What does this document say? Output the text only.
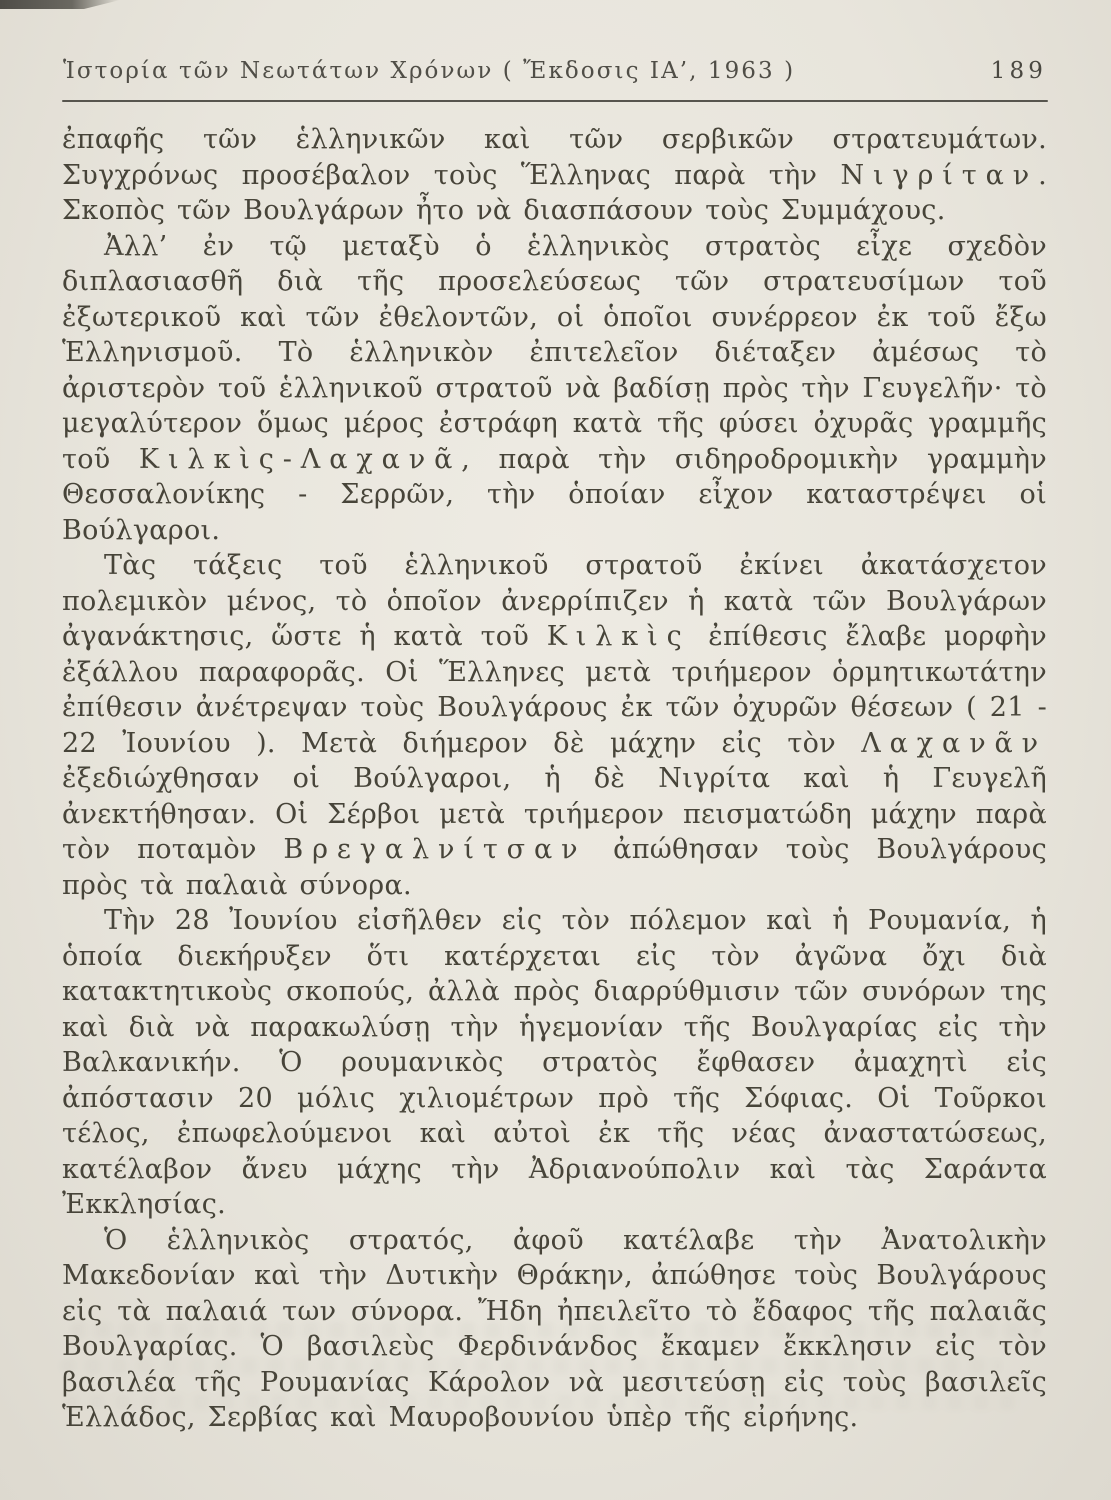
Ἱστορία τῶν Νεωτάτων Χρόνων ( Ἔκδοσις ΙΑ’, 1963 )	189

ἐπαφῆς τῶν ἑλληνικῶν καὶ τῶν σερβικῶν στρατευμάτων. Συγχρόνως προσέβαλον τοὺς Ἕλληνας παρὰ τὴν Νιγρίταν. Σκοπὸς τῶν Βουλγάρων ἦτο νὰ διασπάσουν τοὺς Συμμάχους.

Ἀλλ’ ἐν τῷ μεταξὺ ὁ ἑλληνικὸς στρατὸς εἶχε σχεδὸν διπλασιασθῆ διὰ τῆς προσελεύσεως τῶν στρατευσίμων τοῦ ἐξωτερικοῦ καὶ τῶν ἐθελοντῶν, οἱ ὁποῖοι συνέρρεον ἐκ τοῦ ἔξω Ἑλληνισμοῦ. Τὸ ἑλληνικὸν ἐπιτελεῖον διέταξεν ἀμέσως τὸ ἀριστερὸν τοῦ ἑλληνικοῦ στρατοῦ νὰ βαδίσῃ πρὸς τὴν Γευγελῆν· τὸ μεγαλύτερον ὅμως μέρος ἐστράφη κατὰ τῆς φύσει ὀχυρᾶς γραμμῆς τοῦ Κιλκὶς-Λαχανᾶ, παρὰ τὴν σιδηροδρομικὴν γραμμὴν Θεσσαλονίκης - Σερρῶν, τὴν ὁποίαν εἶχον καταστρέψει οἱ Βούλγαροι.

Τὰς τάξεις τοῦ ἑλληνικοῦ στρατοῦ ἐκίνει ἀκατάσχετον πολεμικὸν μένος, τὸ ὁποῖον ἀνερρίπιζεν ἡ κατὰ τῶν Βουλγάρων ἀγανάκτησις, ὥστε ἡ κατὰ τοῦ Κιλκὶς ἐπίθεσις ἔλαβε μορφὴν ἐξάλλου παραφορᾶς. Οἱ Ἕλληνες μετὰ τριήμερον ὁρμητικωτάτην ἐπίθεσιν ἀνέτρεψαν τοὺς Βουλγάρους ἐκ τῶν ὀχυρῶν θέσεων ( 21 - 22 Ἰουνίου ). Μετὰ διήμερον δὲ μάχην εἰς τὸν Λαχανᾶν ἐξεδιώχθησαν οἱ Βούλγαροι, ἡ δὲ Νιγρίτα καὶ ἡ Γευγελῆ ἀνεκτήθησαν. Οἱ Σέρβοι μετὰ τριήμερον πεισματώδη μάχην παρὰ τὸν ποταμὸν Βρεγαλνίτσαν ἀπώθησαν τοὺς Βουλγάρους πρὸς τὰ παλαιὰ σύνορα.

Τὴν 28 Ἰουνίου εἰσῆλθεν εἰς τὸν πόλεμον καὶ ἡ Ρουμανία, ἡ ὁποία διεκήρυξεν ὅτι κατέρχεται εἰς τὸν ἀγῶνα ὄχι διὰ κατακτητικοὺς σκοπούς, ἀλλὰ πρὸς διαρρύθμισιν τῶν συνόρων της καὶ διὰ νὰ παρακωλύσῃ τὴν ἡγεμονίαν τῆς Βουλγαρίας εἰς τὴν Βαλκανικήν. Ὁ ρουμανικὸς στρατὸς ἔφθασεν ἀμαχητὶ εἰς ἀπόστασιν 20 μόλις χιλιομέτρων πρὸ τῆς Σόφιας. Οἱ Τοῦρκοι τέλος, ἐπωφελούμενοι καὶ αὐτοὶ ἐκ τῆς νέας ἀναστατώσεως, κατέλαβον ἄνευ μάχης τὴν Ἀδριανούπολιν καὶ τὰς Σαράντα Ἐκκλησίας.

Ὁ ἑλληνικὸς στρατός, ἀφοῦ κατέλαβε τὴν Ἀνατολικὴν Μακεδονίαν καὶ τὴν Δυτικὴν Θράκην, ἀπώθησε τοὺς Βουλγάρους εἰς τὰ παλαιά των σύνορα. Ἤδη ἠπειλεῖτο τὸ ἔδαφος τῆς παλαιᾶς Βουλγαρίας. Ὁ βασιλεὺς Φερδινάνδος ἔκαμεν ἔκκλησιν εἰς τὸν βασιλέα τῆς Ρουμανίας Κάρολον νὰ μεσιτεύσῃ εἰς τοὺς βασιλεῖς Ἑλλάδος, Σερβίας καὶ Μαυροβουνίου ὑπὲρ τῆς εἰρήνης.
